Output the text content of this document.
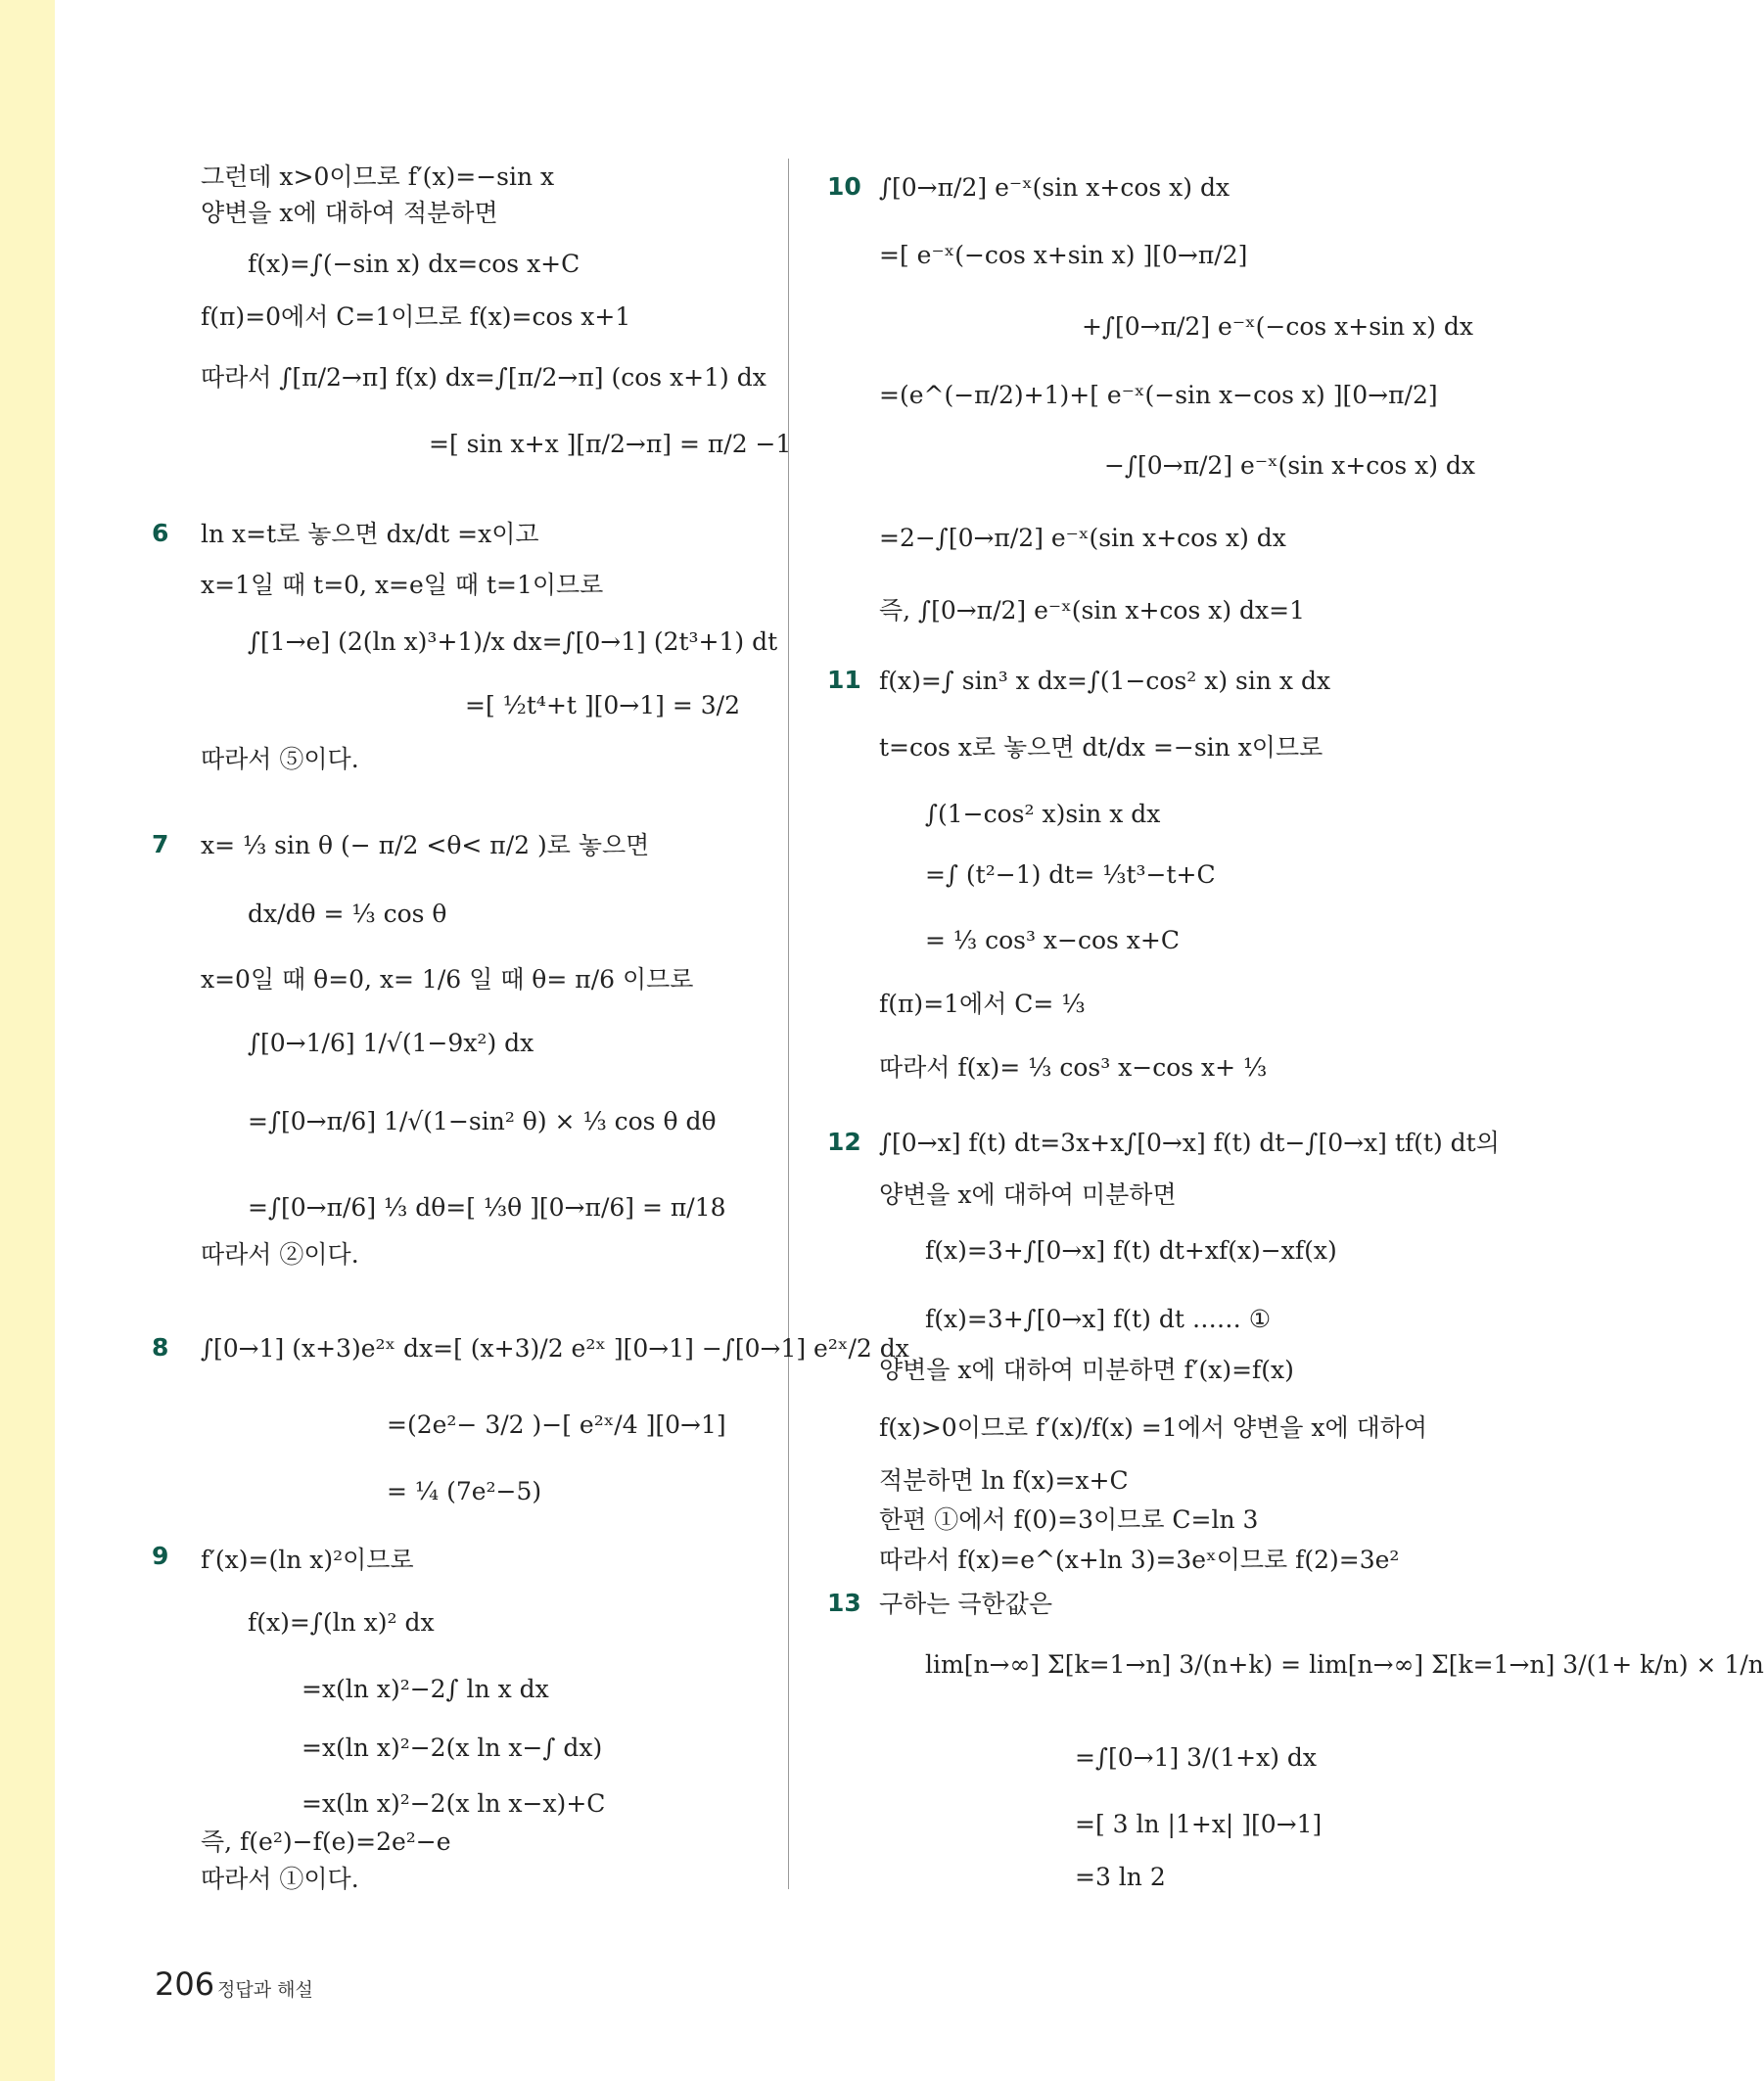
6
7
8
9
10
11
12
13
그런데 x>0이므로 f′(x)=−sin x
양변을 x에 대하여 적분하면
f(x)=∫(−sin x) dx=cos x+C
f(π)=0에서 C=1이므로 f(x)=cos x+1
따라서 ∫[π/2→π] f(x) dx=∫[π/2→π] (cos x+1) dx
=[ sin x+x ][π/2→π] = π/2 −1
ln x=t로 놓으면 dx/dt =x이고
x=1일 때 t=0, x=e일 때 t=1이므로
∫[1→e] (2(ln x)³+1)/x dx=∫[0→1] (2t³+1) dt
=[ ½t⁴+t ][0→1] = 3/2
따라서 ⑤이다.
x= ⅓ sin θ (− π/2 <θ< π/2 )로 놓으면
dx/dθ = ⅓ cos θ
x=0일 때 θ=0, x= 1/6 일 때 θ= π/6 이므로
∫[0→1/6] 1/√(1−9x²) dx
=∫[0→π/6] 1/√(1−sin² θ) × ⅓ cos θ dθ
=∫[0→π/6] ⅓ dθ=[ ⅓θ ][0→π/6] = π/18
따라서 ②이다.
∫[0→1] (x+3)e²ˣ dx=[ (x+3)/2 e²ˣ ][0→1] −∫[0→1] e²ˣ/2 dx
=(2e²− 3/2 )−[ e²ˣ/4 ][0→1]
= ¼ (7e²−5)
f′(x)=(ln x)²이므로
f(x)=∫(ln x)² dx
=x(ln x)²−2∫ ln x dx
=x(ln x)²−2(x ln x−∫ dx)
=x(ln x)²−2(x ln x−x)+C
즉, f(e²)−f(e)=2e²−e
따라서 ①이다.
∫[0→π/2] e⁻ˣ(sin x+cos x) dx
=[ e⁻ˣ(−cos x+sin x) ][0→π/2]
+∫[0→π/2] e⁻ˣ(−cos x+sin x) dx
=(e^(−π/2)+1)+[ e⁻ˣ(−sin x−cos x) ][0→π/2]
−∫[0→π/2] e⁻ˣ(sin x+cos x) dx
=2−∫[0→π/2] e⁻ˣ(sin x+cos x) dx
즉, ∫[0→π/2] e⁻ˣ(sin x+cos x) dx=1
f(x)=∫ sin³ x dx=∫(1−cos² x) sin x dx
t=cos x로 놓으면 dt/dx =−sin x이므로
∫(1−cos² x)sin x dx
=∫ (t²−1) dt= ⅓t³−t+C
= ⅓ cos³ x−cos x+C
f(π)=1에서 C= ⅓
따라서 f(x)= ⅓ cos³ x−cos x+ ⅓
∫[0→x] f(t) dt=3x+x∫[0→x] f(t) dt−∫[0→x] tf(t) dt의
양변을 x에 대하여 미분하면
f(x)=3+∫[0→x] f(t) dt+xf(x)−xf(x)
f(x)=3+∫[0→x] f(t) dt …… ①
양변을 x에 대하여 미분하면 f′(x)=f(x)
f(x)>0이므로 f′(x)/f(x) =1에서 양변을 x에 대하여
적분하면 ln f(x)=x+C
한편 ①에서 f(0)=3이므로 C=ln 3
따라서 f(x)=e^(x+ln 3)=3eˣ이므로 f(2)=3e²
구하는 극한값은
lim[n→∞] Σ[k=1→n] 3/(n+k) = lim[n→∞] Σ[k=1→n] 3/(1+ k/n) × 1/n
=∫[0→1] 3/(1+x) dx
=[ 3 ln |1+x| ][0→1]
=3 ln 2
206 정답과 해설
